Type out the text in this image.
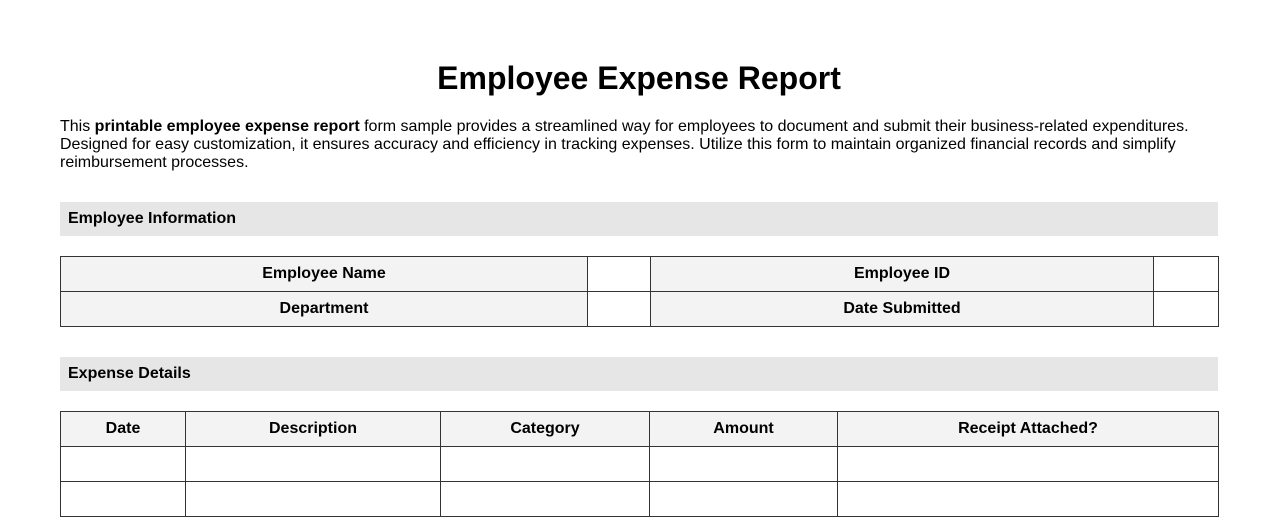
Employee Expense Report

This printable employee expense report form sample provides a streamlined way for employees to document and submit their business-related expenditures. Designed for easy customization, it ensures accuracy and efficiency in tracking expenses. Utilize this form to maintain organized financial records and simplify reimbursement processes.

Employee Information
Employee Name		Employee ID	
Department		Date Submitted	
Expense Details
Date	Description	Category	Amount	Receipt Attached?
